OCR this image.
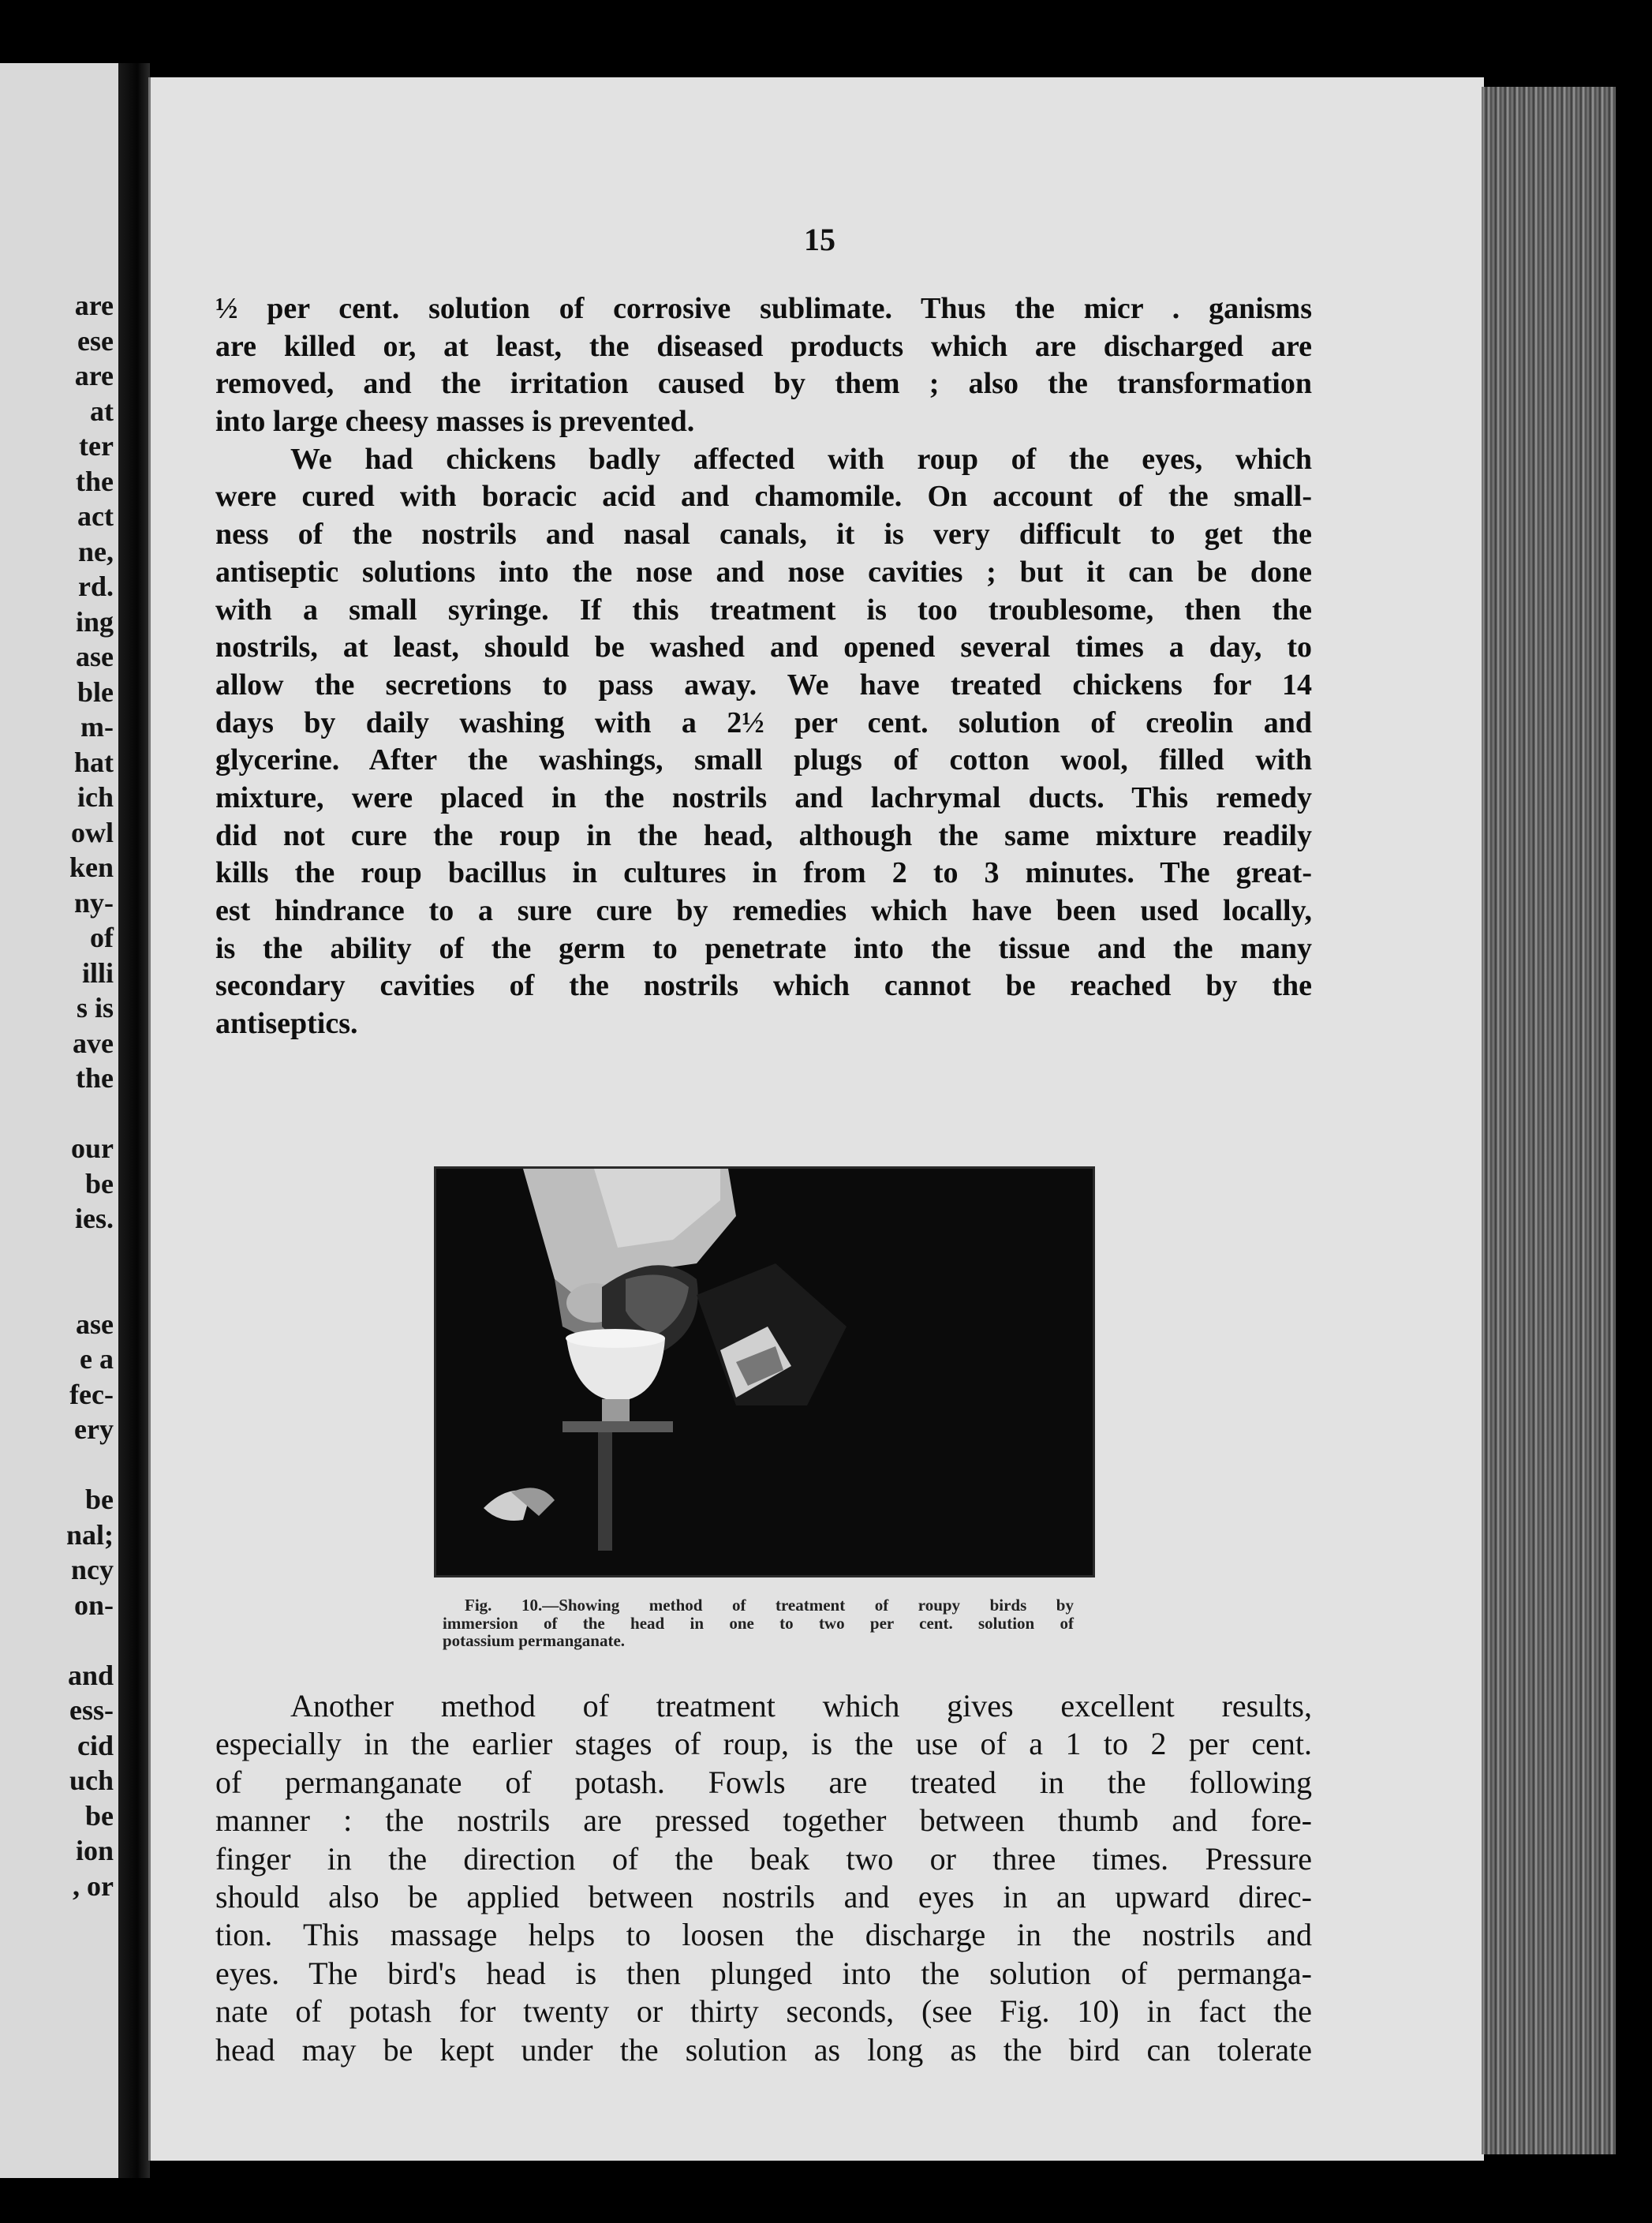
are
ese
are
at
ter
the
act
ne,
rd.
ing
ase
ble
m-
hat
ich
owl
ken
ny-
of
illi
s is
ave
the
our
be
ies.
ase
e a
fec-
ery
be
nal;
ncy
on-
and
ess-
cid
uch
be
ion
, or
15
½ per cent. solution of corrosive sublimate. Thus the micr . ganisms
are killed or, at least, the diseased products which are discharged are
removed, and the irritation caused by them ; also the transformation
into large cheesy masses is prevented.
We had chickens badly affected with roup of the eyes, which
were cured with boracic acid and chamomile. On account of the small-
ness of the nostrils and nasal canals, it is very difficult to get the
antiseptic solutions into the nose and nose cavities ; but it can be done
with a small syringe. If this treatment is too troublesome, then the
nostrils, at least, should be washed and opened several times a day, to
allow the secretions to pass away. We have treated chickens for 14
days by daily washing with a 2½ per cent. solution of creolin and
glycerine. After the washings, small plugs of cotton wool, filled with
mixture, were placed in the nostrils and lachrymal ducts. This remedy
did not cure the roup in the head, although the same mixture readily
kills the roup bacillus in cultures in from 2 to 3 minutes. The great-
est hindrance to a sure cure by remedies which have been used locally,
is the ability of the germ to penetrate into the tissue and the many
secondary cavities of the nostrils which cannot be reached by the
antiseptics.
Fig. 10.—Showing method of treatment of roupy birds by
immersion of the head in one to two per cent. solution of
potassium permanganate.
Another method of treatment which gives excellent results,
especially in the earlier stages of roup, is the use of a 1 to 2 per cent.
of permanganate of potash. Fowls are treated in the following
manner : the nostrils are pressed together between thumb and fore-
finger in the direction of the beak two or three times. Pressure
should also be applied between nostrils and eyes in an upward direc-
tion. This massage helps to loosen the discharge in the nostrils and
eyes. The bird's head is then plunged into the solution of permanga-
nate of potash for twenty or thirty seconds, (see Fig. 10) in fact the
head may be kept under the solution as long as the bird can tolerate
